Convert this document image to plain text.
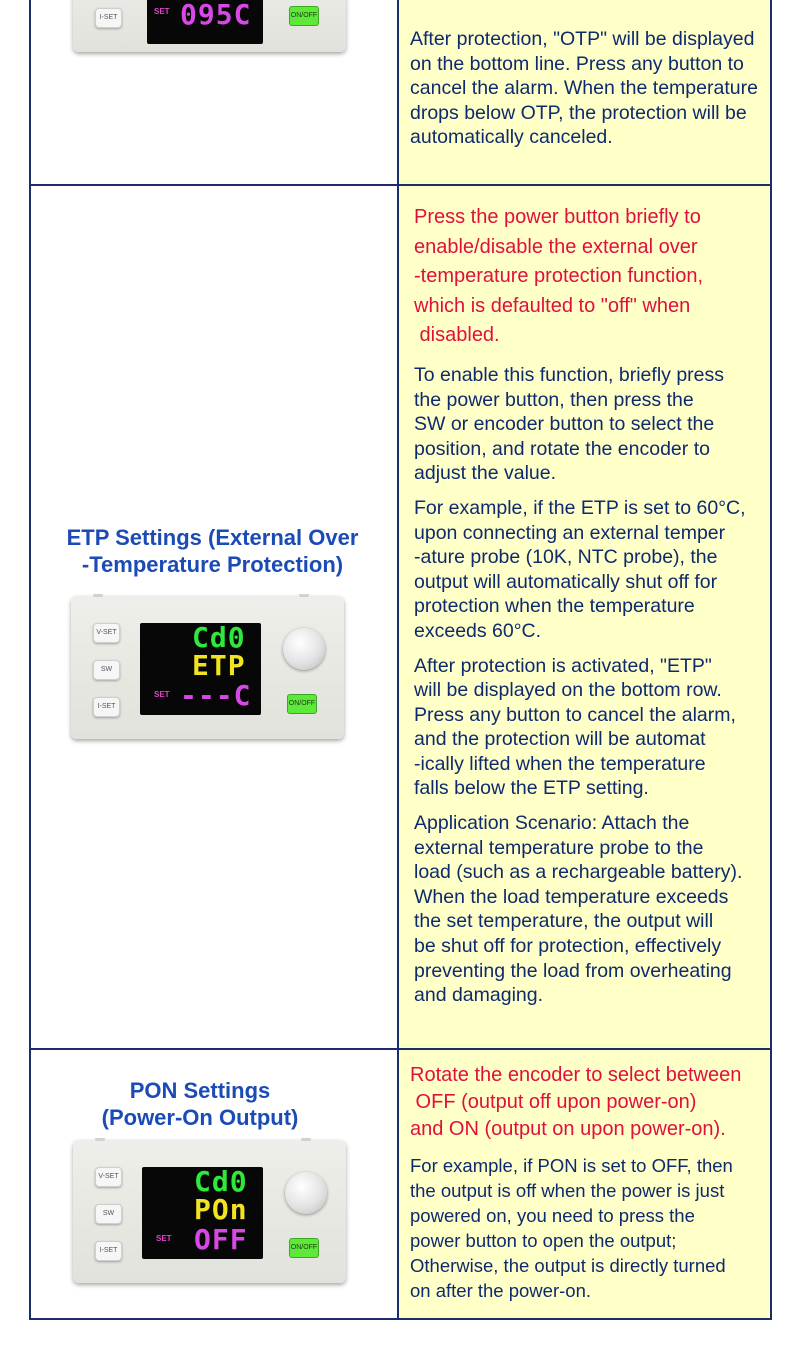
I-SET
SET 095C	ON/OFF

After protection, "OTP" will be displayed on the bottom line. Press any button to cancel the alarm. When the temperature drops below OTP, the protection will be automatically canceled.

ETP Settings (External Over
-Temperature Protection)
V-SET
SW
I-SET
Cd0
ETP
SET ---C	ON/OFF
Press the power button briefly to
enable/disable the external over
-temperature protection function,
which is defaulted to "off" when
disabled.
To enable this function, briefly press
the power button, then press the
SW or encoder button to select the
position, and rotate the encoder to
adjust the value.
For example, if the ETP is set to 60°C,
upon connecting an external temper
-ature probe (10K, NTC probe), the
output will automatically shut off for
protection when the temperature
exceeds 60°C.
After protection is activated, "ETP"
will be displayed on the bottom row.
Press any button to cancel the alarm,
and the protection will be automat
-ically lifted when the temperature
falls below the ETP setting.
Application Scenario: Attach the
external temperature probe to the
load (such as a rechargeable battery).
When the load temperature exceeds
the set temperature, the output will
be shut off for protection, effectively
preventing the load from overheating
and damaging.
PON Settings
(Power-On Output)
V-SET
SW
I-SET
Cd0
POn
SET OFF	ON/OFF
Rotate the encoder to select between
OFF (output off upon power-on)
and ON (output on upon power-on).
For example, if PON is set to OFF, then
the output is off when the power is just
powered on, you need to press the
power button to open the output;
Otherwise, the output is directly turned
on after the power-on.
